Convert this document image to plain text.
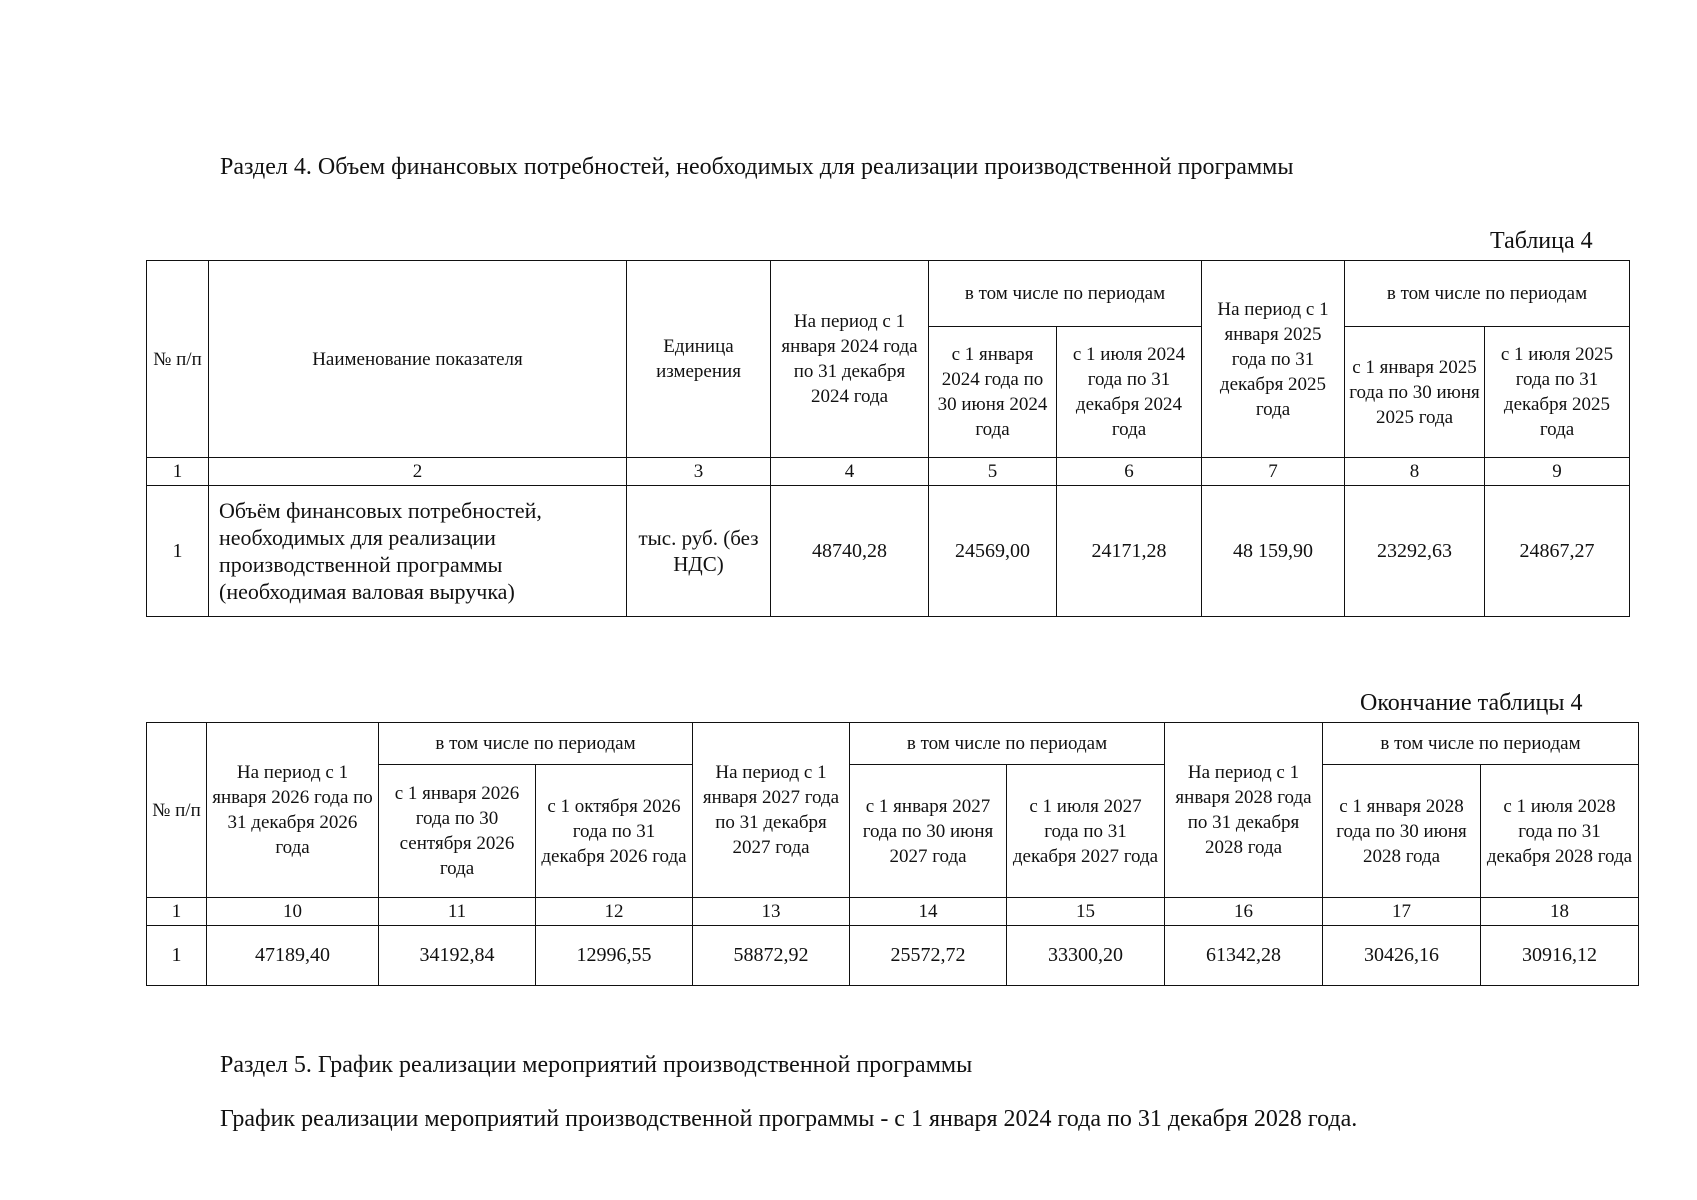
Раздел 4. Объем финансовых потребностей, необходимых для реализации производственной программы
Таблица 4
№ п/п	Наименование показателя	Единица измерения	На период с 1 января 2024 года по 31 декабря 2024 года	в том числе по периодам		На период с 1 января 2025 года по 31 декабря 2025 года	в том числе по периодам	
				с 1 января 2024 года по 30 июня 2024 года	с 1 июля 2024 года по 31 декабря 2024 года		с 1 января 2025 года по 30 июня 2025 года	с 1 июля 2025 года по 31 декабря 2025 года
1	2	3	4	5	6	7	8	9
1	Объём финансовых потребностей, необходимых для реализации производственной программы (необходимая валовая выручка)	тыс. руб. (без НДС)	48740,28	24569,00	24171,28	48 159,90	23292,63	24867,27
Окончание таблицы 4
№ п/п	На период с 1 января 2026 года по 31 декабря 2026 года	в том числе по периодам		На период с 1 января 2027 года по 31 декабря 2027 года	в том числе по периодам		На период с 1 января 2028 года по 31 декабря 2028 года	в том числе по периодам	
		с 1 января 2026 года по 30 сентября 2026 года	с 1 октября 2026 года по 31 декабря 2026 года		с 1 января 2027 года по 30 июня 2027 года	с 1 июля 2027 года по 31 декабря 2027 года		с 1 января 2028 года по 30 июня 2028 года	с 1 июля 2028 года по 31 декабря 2028 года
1	10	11	12	13	14	15	16	17	18
1	47189,40	34192,84	12996,55	58872,92	25572,72	33300,20	61342,28	30426,16	30916,12
Раздел 5. График реализации мероприятий производственной программы
График реализации мероприятий производственной программы - с 1 января 2024 года по 31 декабря 2028 года.
